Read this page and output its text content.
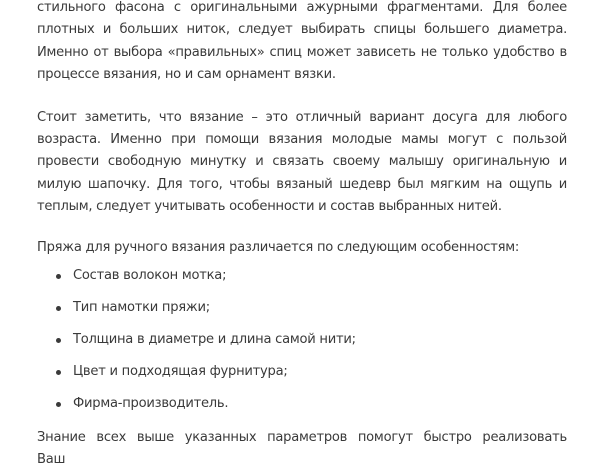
стильного фасона с оригинальными ажурными фрагментами. Для более плотных и больших ниток, следует выбирать спицы большего диаметра. Именно от выбора «правильных» спиц может зависеть не только удобство в процессе вязания, но и сам орнамент вязки.

Стоит заметить, что вязание – это отличный вариант досуга для любого возраста. Именно при помощи вязания молодые мамы могут с пользой провести свободную минутку и связать своему малышу оригинальную и милую шапочку. Для того, чтобы вязаный шедевр был мягким на ощупь и теплым, следует учитывать особенности и состав выбранных нитей.

Пряжа для ручного вязания различается по следующим особенностям:

Состав волокон мотка;
Тип намотки пряжи;
Толщина в диаметре и длина самой нити;
Цвет и подходящая фурнитура;
Фирма-производитель.

Знание всех выше указанных параметров помогут быстро реализовать Ваш
